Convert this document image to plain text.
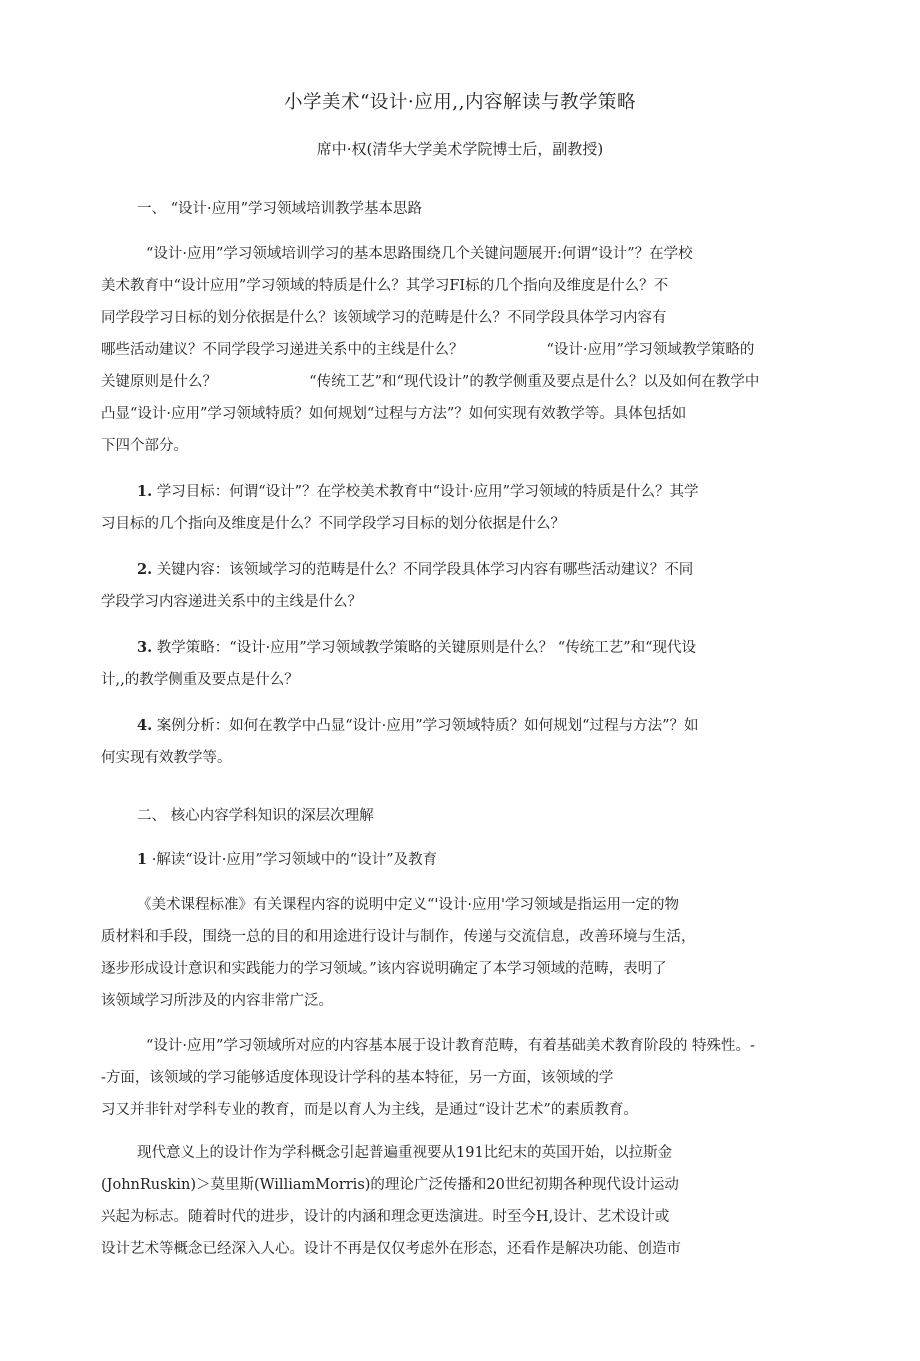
小学美术“设计·应用,,内容解读与教学策略
席中·权(清华大学美术学院博士后，副教授)
一、 “设计·应用”学习领域培训教学基本思路
“设计·应用”学习领域培训学习的基本思路围绕几个关键问题展开:何谓“设计”？在学校
美术教育中“设计应用”学习领域的特质是什么？其学习FI标的几个指向及维度是什么？不
同学段学习日标的划分依据是什么？该领域学习的范畴是什么？不同学段具体学习内容有
哪些活动建议？不同学段学习递进关系中的主线是什么？                  “设计·应用”学习领域教学策略的
关键原则是什么？                    “传统工艺”和“现代设计”的教学侧重及要点是什么？以及如何在教学中
凸显“设计·应用”学习领域特质？如何规划“过程与方法”？如何实现有效教学等。具体包括如
下四个部分。
1. 学习目标：何谓“设计”？在学校美术教育中“设计·应用”学习领域的特质是什么？其学
习目标的几个指向及维度是什么？不同学段学习目标的划分依据是什么？
2. 关键内容：该领域学习的范畴是什么？不同学段具体学习内容有哪些活动建议？不同
学段学习内容递进关系中的主线是什么？
3. 教学策略：“设计·应用”学习领域教学策略的关键原则是什么？ “传统工艺”和“现代设
计,,的教学侧重及要点是什么？
4. 案例分析：如何在教学中凸显“设计·应用”学习领域特质？如何规划“过程与方法”？如
何实现有效教学等。
二、 核心内容学科知识的深层次理解
1 ·解读“设计·应用”学习领域中的“设计”及教育
《美术课程标准》有关课程内容的说明中定义“'设计·应用'学习领域是指运用一定的物
质材料和手段，围绕一总的目的和用途进行设计与制作，传递与交流信息，改善环境与生活，
逐步形成设计意识和实践能力的学习领域。”该内容说明确定了本学习领域的范畴，表明了
该领域学习所涉及的内容非常广泛。
“设计·应用”学习领域所对应的内容基本展于设计教育范畴，有着基础美术教育阶段的 特殊性。-
-方面，该领域的学习能够适度体现设计学科的基本特征，另一方面，该领域的学
习又并非针对学科专业的教育，而是以育人为主线，是通过“设计艺术”的素质教育。
现代意义上的设计作为学科概念引起普遍重视要从191比纪末的英国开始，以拉斯金
(JohnRuskin)＞莫里斯(WilliamMorris)的理论广泛传播和20世纪初期各种现代设计运动
兴起为标志。随着时代的进步，设计的内涵和理念更迭演进。时至今H,设计、艺术设计或
设计艺术等概念已经深入人心。设计不再是仅仅考虑外在形态，还看作是解决功能、创造市
